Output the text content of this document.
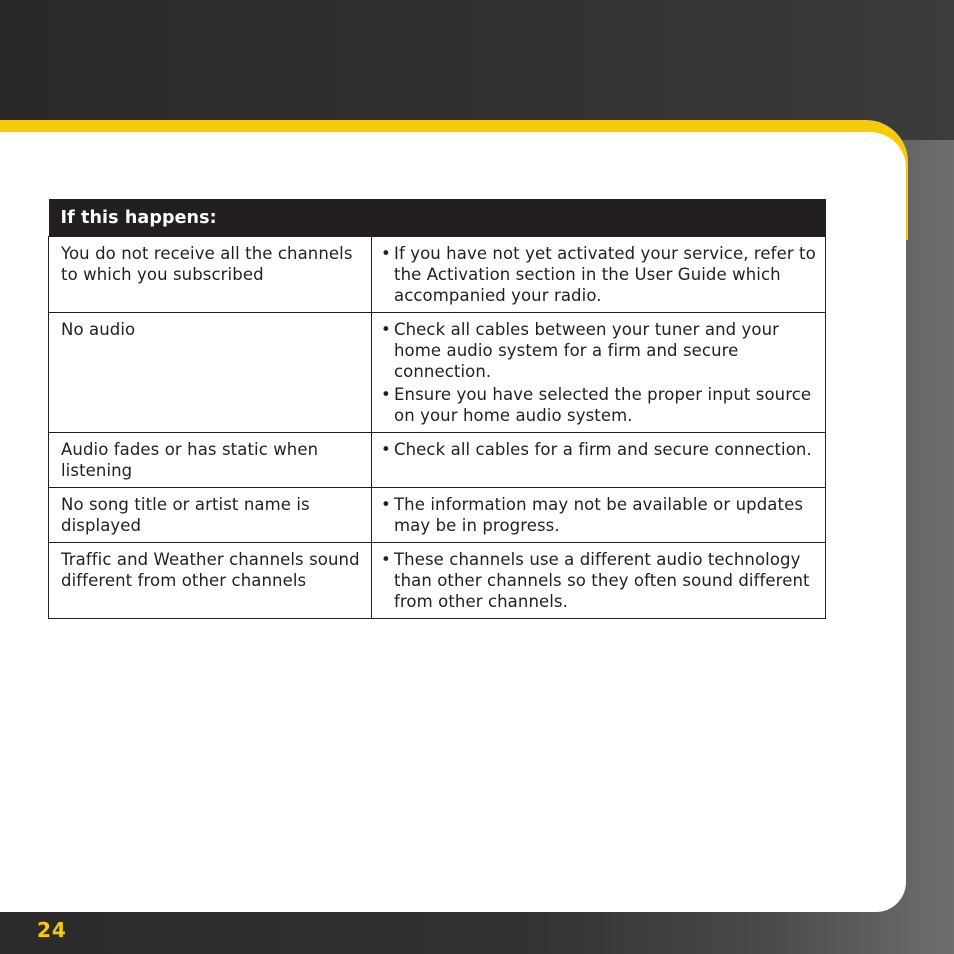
If this happens:	
You do not receive all the channels to which you subscribed	• If you have not yet activated your service, refer to the Activation section in the User Guide which accompanied your radio.

No audio	• Check all cables between your tuner and your home audio system for a firm and secure connection.
• Ensure you have selected the proper input source on your home audio system.

Audio fades or has static when listening	• Check all cables for a firm and secure connection.

No song title or artist name is displayed	• The information may not be available or updates may be in progress.

Traffic and Weather channels sound different from other channels	• These channels use a different audio technology than other channels so they often sound different from other channels.
24
